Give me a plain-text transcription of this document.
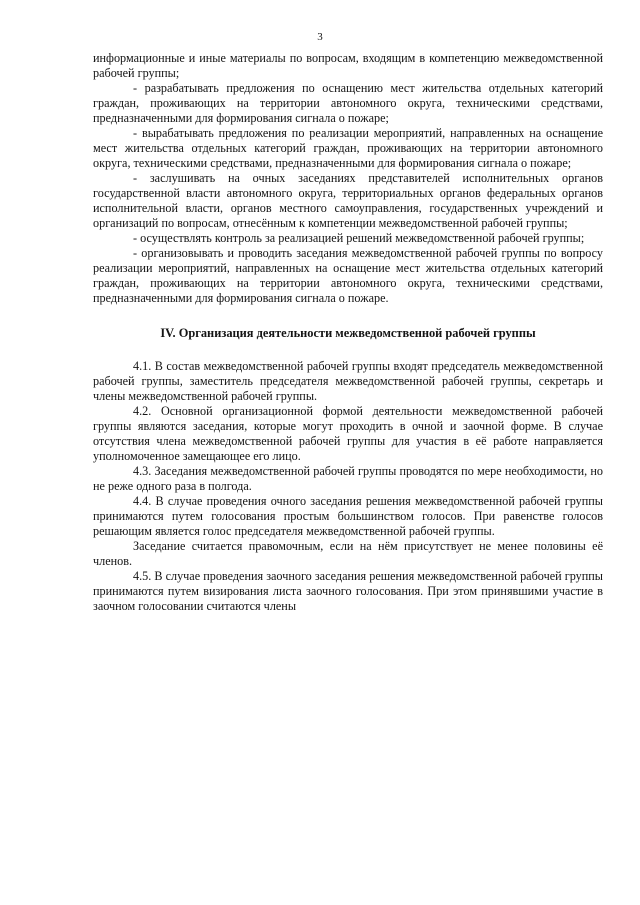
3

информационные и иные материалы по вопросам, входящим в компетенцию межведомственной рабочей группы;

- разрабатывать предложения по оснащению мест жительства отдельных категорий граждан, проживающих на территории автономного округа, техническими средствами, предназначенными для формирования сигнала о пожаре;

- вырабатывать предложения по реализации мероприятий, направленных на оснащение мест жительства отдельных категорий граждан, проживающих на территории автономного округа, техническими средствами, предназначенными для формирования сигнала о пожаре;

- заслушивать на очных заседаниях представителей исполнительных органов государственной власти автономного округа, территориальных органов федеральных органов исполнительной власти, органов местного самоуправления, государственных учреждений и организаций по вопросам, отнесённым к компетенции межведомственной рабочей группы;

- осуществлять контроль за реализацией решений межведомственной рабочей группы;

- организовывать и проводить заседания межведомственной рабочей группы по вопросу реализации мероприятий, направленных на оснащение мест жительства отдельных категорий граждан, проживающих на территории автономного округа, техническими средствами, предназначенными для формирования сигнала о пожаре.

IV. Организация деятельности межведомственной рабочей группы

4.1. В состав межведомственной рабочей группы входят председатель межведомственной рабочей группы, заместитель председателя межведомственной рабочей группы, секретарь и члены межведомственной рабочей группы.

4.2. Основной организационной формой деятельности межведомственной рабочей группы являются заседания, которые могут проходить в очной и заочной форме. В случае отсутствия члена межведомственной рабочей группы для участия в её работе направляется уполномоченное замещающее его лицо.

4.3. Заседания межведомственной рабочей группы проводятся по мере необходимости, но не реже одного раза в полгода.

4.4. В случае проведения очного заседания решения межведомственной рабочей группы принимаются путем голосования простым большинством голосов. При равенстве голосов решающим является голос председателя межведомственной рабочей группы.

Заседание считается правомочным, если на нём присутствует не менее половины её членов.

4.5. В случае проведения заочного заседания решения межведомственной рабочей группы принимаются путем визирования листа заочного голосования. При этом принявшими участие в заочном голосовании считаются члены
